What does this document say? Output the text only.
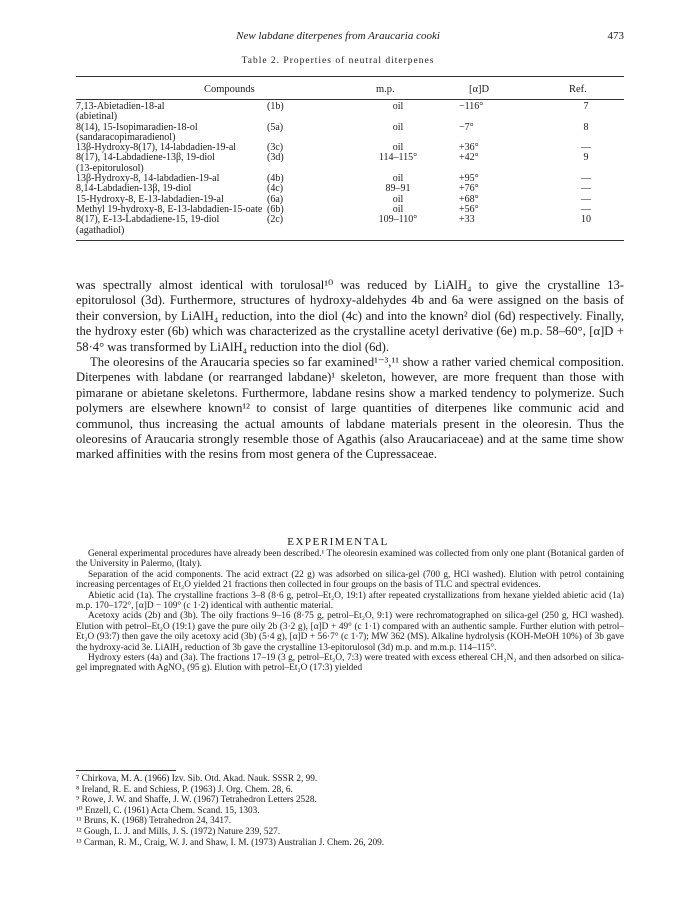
New labdane diterpenes from Araucaria cooki	473
Table 2. Properties of neutral diterpenes
Compounds	m.p.	[α]D	Ref.
7,13-Abietadien-18-al	(1b)	oil	−116°	7
(abietinal)
8(14), 15-Isopimaradien-18-ol	(5a)	oil	−7°	8
(sandaracopimaradienol)
13β-Hydroxy-8(17), 14-labdadien-19-al	(3c)	oil	+36°	—
8(17), 14-Labdadiene-13β, 19-diol	(3d)	114–115°	+42°	9
(13-epitorulosol)
13β-Hydroxy-8, 14-labdadien-19-al	(4b)	oil	+95°	—
8,14-Labdadien-13β, 19-diol	(4c)	89–91	+76°	—
15-Hydroxy-8, E-13-labdadien-19-al	(6a)	oil	+68°	—
Methyl 19-hydroxy-8, E-13-labdadien-15-oate (6b)	oil	+56°	—
8(17), E-13-Labdadiene-15, 19-diol	(2c)	109–110°	+33	10
(agathadiol)

was spectrally almost identical with torulosal¹⁰ was reduced by LiAlH₄ to give the crystalline 13-epitorulosol (3d). Furthermore, structures of hydroxy-aldehydes 4b and 6a were assigned on the basis of their conversion, by LiAlH₄ reduction, into the diol (4c) and into the known² diol (6d) respectively. Finally, the hydroxy ester (6b) which was characterized as the crystalline acetyl derivative (6e) m.p. 58–60°, [α]D + 58·4° was transformed by LiAlH₄ reduction into the diol (6d).

The oleoresins of the Araucaria species so far examined¹⁻³,¹¹ show a rather varied chemical composition. Diterpenes with labdane (or rearranged labdane)¹ skeleton, however, are more frequent than those with pimarane or abietane skeletons. Furthermore, labdane resins show a marked tendency to polymerize. Such polymers are elsewhere known¹² to consist of large quantities of diterpenes like communic acid and communol, thus increasing the actual amounts of labdane materials present in the oleoresin. Thus the oleoresins of Araucaria strongly resemble those of Agathis (also Araucariaceae) and at the same time show marked affinities with the resins from most genera of the Cupressaceae.

EXPERIMENTAL

General experimental procedures have already been described.¹ The oleoresin examined was collected from only one plant (Botanical garden of the University in Palermo, (Italy).

Separation of the acid components. The acid extract (22 g) was adsorbed on silica-gel (700 g, HCl washed). Elution with petrol containing increasing percentages of Et₂O yielded 21 fractions then collected in four groups on the basis of TLC and spectral evidences.

Abietic acid (1a). The crystalline fractions 3–8 (8·6 g, petrol–Et₂O, 19:1) after repeated crystallizations from hexane yielded abietic acid (1a) m.p. 170–172°, [α]D − 109° (c 1·2) identical with authentic material.

Acetoxy acids (2b) and (3b). The oily fractions 9–16 (8·75 g, petrol–Et₂O, 9:1) were rechromatographed on silica-gel (250 g, HCl washed). Elution with petrol–Et₂O (19:1) gave the pure oily 2b (3·2 g), [α]D + 49° (c 1·1) compared with an authentic sample. Further elution with petrol–Et₂O (93:7) then gave the oily acetoxy acid (3b) (5·4 g), [α]D + 56·7° (c 1·7); MW 362 (MS). Alkaline hydrolysis (KOH-MeOH 10%) of 3b gave the hydroxy-acid 3e. LiAlH₄ reduction of 3b gave the crystalline 13-epitorulosol (3d) m.p. and m.m.p. 114–115°.

Hydroxy esters (4a) and (3a). The fractions 17–19 (3 g, petrol–Et₂O, 7:3) were treated with excess ethereal CH₂N₂ and then adsorbed on silica-gel impregnated with AgNO₃ (95 g). Elution with petrol–Et₂O (17:3) yielded

⁷ Chirkova, M. A. (1966) Izv. Sib. Otd. Akad. Nauk. SSSR 2, 99.
⁸ Ireland, R. E. and Schiess, P. (1963) J. Org. Chem. 28, 6.
⁹ Rowe, J. W. and Shaffe, J. W. (1967) Tetrahedron Letters 2528.
¹⁰ Enzell, C. (1961) Acta Chem. Scand. 15, 1303.
¹¹ Bruns, K. (1968) Tetrahedron 24, 3417.
¹² Gough, L. J. and Mills, J. S. (1972) Nature 239, 527.
¹³ Carman, R. M., Craig, W. J. and Shaw, I. M. (1973) Australian J. Chem. 26, 209.
